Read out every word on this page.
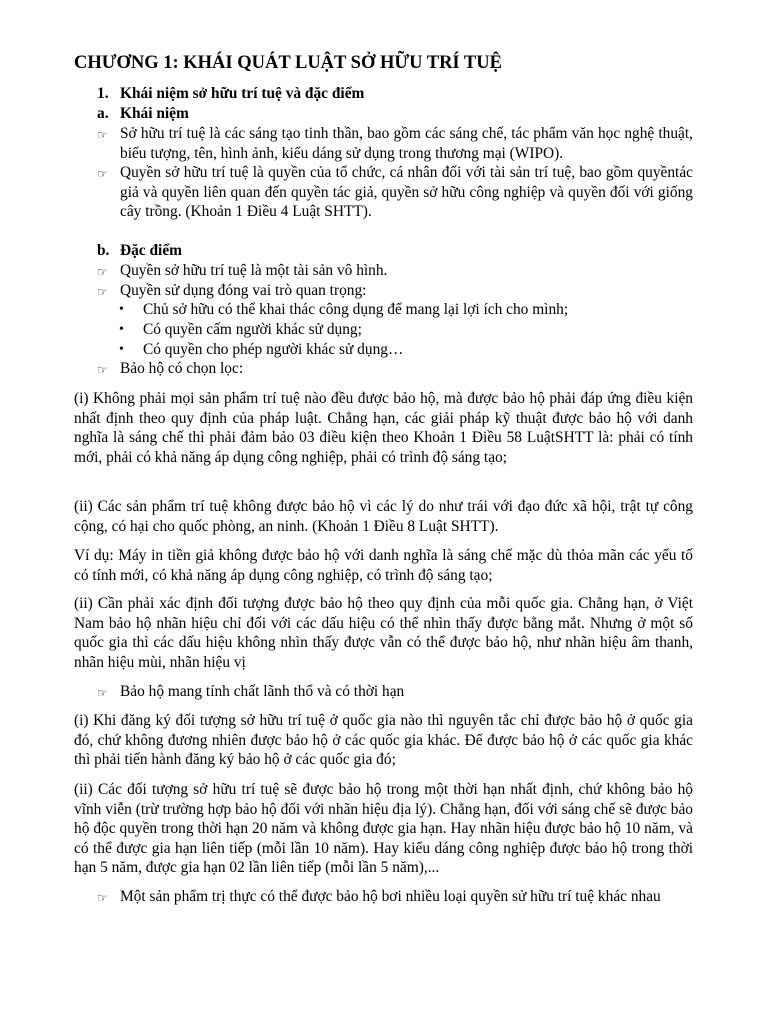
CHƯƠNG 1: KHÁI QUÁT LUẬT SỞ HỮU TRÍ TUỆ
1. Khái niệm sở hữu trí tuệ và đặc điểm
a. Khái niệm
☞ Sở hữu trí tuệ là các sáng tạo tinh thần, bao gồm các sáng chế, tác phẩm văn học nghệ thuật, biểu tượng, tên, hình ảnh, kiểu dáng sử dụng trong thương mại (WIPO).
☞ Quyền sở hữu trí tuệ là quyền của tổ chức, cá nhân đối với tài sản trí tuệ, bao gồm quyềntác giả và quyền liên quan đến quyền tác giả, quyền sở hữu công nghiệp và quyền đối với giống cây trồng. (Khoản 1 Điều 4 Luật SHTT).
b. Đặc điểm
☞ Quyền sở hữu trí tuệ là một tài sản vô hình.
☞ Quyền sử dụng đóng vai trò quan trọng:
• Chủ sở hữu có thể khai thác công dụng để mang lại lợi ích cho mình;
• Có quyền cấm người khác sử dụng;
• Có quyền cho phép người khác sử dụng…
☞ Bảo hộ có chọn lọc:
(i) Không phải mọi sản phẩm trí tuệ nào đều được bảo hộ, mà được bảo hộ phải đáp ứng điều kiện nhất định theo quy định của pháp luật. Chẳng hạn, các giải pháp kỹ thuật được bảo hộ với danh nghĩa là sáng chế thì phải đảm bảo 03 điều kiện theo Khoản 1 Điều 58 LuậtSHTT là: phải có tính mới, phải có khả năng áp dụng công nghiệp, phải có trình độ sáng tạo;
(ii) Các sản phẩm trí tuệ không được bảo hộ vì các lý do như trái với đạo đức xã hội, trật tự công cộng, có hại cho quốc phòng, an ninh. (Khoản 1 Điều 8 Luật SHTT).
Ví dụ: Máy in tiền giả không được bảo hộ với danh nghĩa là sáng chế mặc dù thỏa mãn các yếu tố có tính mới, có khả năng áp dụng công nghiệp, có trình độ sáng tạo;
(ii) Cần phải xác định đối tượng được bảo hộ theo quy định của mỗi quốc gia. Chẳng hạn, ở Việt Nam bảo hộ nhãn hiệu chỉ đối với các dấu hiệu có thể nhìn thấy được bằng mắt. Nhưng ở một số quốc gia thì các dấu hiệu không nhìn thấy được vẫn có thể được bảo hộ, như nhãn hiệu âm thanh, nhãn hiệu mùi, nhãn hiệu vị
☞ Bảo hộ mang tính chất lãnh thổ và có thời hạn
(i) Khi đăng ký đối tượng sở hữu trí tuệ ở quốc gia nào thì nguyên tắc chỉ được bảo hộ ở quốc gia đó, chứ không đương nhiên được bảo hộ ở các quốc gia khác. Để được bảo hộ ở các quốc gia khác thì phải tiến hành đăng ký bảo hộ ở các quốc gia đó;
(ii) Các đối tượng sở hữu trí tuệ sẽ được bảo hộ trong một thời hạn nhất định, chứ không bảo hộ vĩnh viễn (trừ trường hợp bảo hộ đối với nhãn hiệu địa lý). Chẳng hạn, đối với sáng chế sẽ được bảo hộ độc quyền trong thời hạn 20 năm và không được gia hạn. Hay nhãn hiệu được bảo hộ 10 năm, và có thể được gia hạn liên tiếp (mỗi lần 10 năm). Hay kiểu dáng công nghiệp được bảo hộ trong thời hạn 5 năm, được gia hạn 02 lần liên tiếp (mỗi lần 5 năm),...
☞ Một sản phẩm trị thực có thể được bảo hộ bơi nhiều loại quyền sử hữu trí tuệ khác nhau
